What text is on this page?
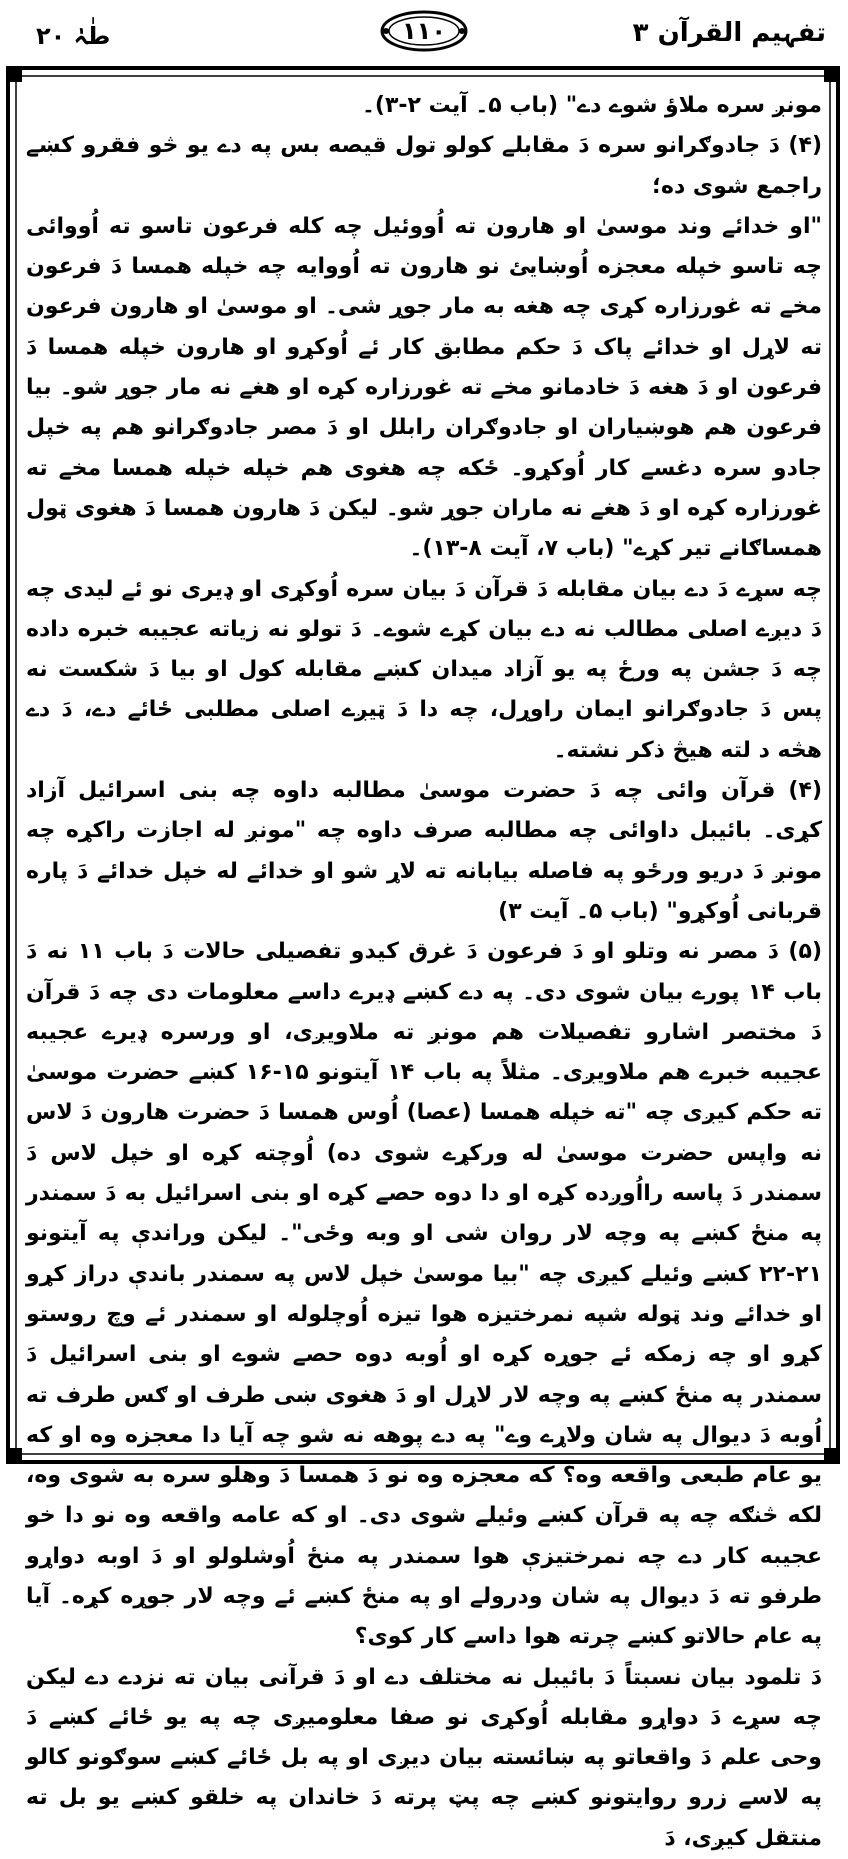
تفہیم القرآن ۳
۱۱۰
طٰہٰ ۲۰

مونږ سره ملاؤ شوے دے" (باب ۵۔ آیت ۲-۳)۔

(۴) دَ جادوګرانو سره دَ مقابلے کولو تول قیصه بس په دے یو څو فقرو کښے راجمع شوی ده؛

"او خدائے وند موسیٰ او هارون ته اُووئیل چه کله فرعون تاسو ته اُووائی چه تاسو خپله معجزه اُوښایئ نو هارون ته اُووایه چه خپله همسا دَ فرعون مخے ته غورزاره کړی چه هغه به مار جوړ شی۔ او موسیٰ او هارون فرعون ته لاړل او خدائے پاک دَ حکم مطابق کار ئے اُوکړو او هارون خپله همسا دَ فرعون او دَ هغه دَ خادمانو مخے ته غورزاره کړه او هغے نه مار جوړ شو۔ بیا فرعون هم هوښیاران او جادوګران رابلل او دَ مصر جادوګرانو هم په خپل جادو سره دغسے کار اُوکړو۔ ځکه چه هغوی هم خپله خپله همسا مخے ته غورزاره کړه او دَ هغے نه ماران جوړ شو۔ لیکن دَ هارون همسا دَ هغوی ټول همساګانے تیر کړے" (باب ۷، آیت ۸-۱۳)۔

چه سړے دَ دے بیان مقابله دَ قرآن دَ بیان سره اُوکړی او ډیری نو ئے لیدی چه دَ دیږے اصلی مطالب نه دے بیان کړے شوے۔ دَ تولو نه زیاته عجیبه خبره داده چه دَ جشن په ورځ په یو آزاد میدان کښے مقابله کول او بیا دَ شکست نه پس دَ جادوګرانو ایمان راوړل، چه دا دَ ټیږے اصلی مطلبی ځائے دے، دَ دے هڅه د لته هیڅ ذکر نشته۔

(۴) قرآن وائی چه دَ حضرت موسیٰ مطالبه داوه چه بنی اسرائیل آزاد کړی۔ بائیبل داوائی چه مطالبه صرف داوه چه "مونږ له اجازت راکړه چه مونږ دَ دریو ورځو په فاصله بیابانه ته لاړ شو او خدائے له خپل خدائے دَ پاره قربانی اُوکړو" (باب ۵۔ آیت ۳)

(۵) دَ مصر نه وتلو او دَ فرعون دَ غرق کیدو تفصیلی حالات دَ باب ۱۱ نه دَ باب ۱۴ پورے بیان شوی دی۔ په دے کښے ډیرے داسے معلومات دی چه دَ قرآن دَ مختصر اشارو تفصیلات هم مونږ ته ملاویږی، او ورسره ډیرے عجیبه عجیبه خبرے هم ملاویږی۔ مثلاً په باب ۱۴ آیتونو ۱۵-۱۶ کښے حضرت موسیٰ ته حکم کیږی چه "ته خپله همسا (عصا) اُوس همسا دَ حضرت هارون دَ لاس نه واپس حضرت موسیٰ له ورکړے شوی ده) اُوچته کړه او خپل لاس دَ سمندر دَ پاسه رااُوږده کړه او دا دوه حصے کړه او بنی اسرائیل به دَ سمندر په منځ کښے په وچه لار روان شی او وبه وځی"۔ لیکن وراندې په آیتونو ۲۱-۲۲ کښے وئیلے کیږی چه "بیا موسیٰ خپل لاس په سمندر باندې دراز کړو او خدائے وند ټوله شپه نمرختیزه هوا تیزه اُوچلوله او سمندر ئے وچ روستو کړو او چه زمکه ئے جوړه کړه او اُوبه دوه حصے شوے او بنی اسرائیل دَ سمندر په منځ کښے په وچه لار لاړل او دَ هغوی ښی طرف او ګس طرف ته اُوبه دَ دیوال په شان ولاړے وے" په دے پوهه نه شو چه آیا دا معجزه وه او که یو عام طبعی واقعه وه؟ که معجزه وه نو دَ همسا دَ وهلو سره به شوی وه، لکه څنګه چه په قرآن کښے وئیلے شوی دی۔ او که عامه واقعه وه نو دا خو عجیبه کار دے چه نمرختیزې هوا سمندر په منځ اُوشلولو او دَ اوبه دواړو طرفو ته دَ دیوال په شان ودرولے او په منځ کښے ئے وچه لار جوړه کړه۔ آیا په عام حالاتو کښے چرته هوا داسے کار کوی؟

دَ تلمود بیان نسبتاً دَ بائیبل نه مختلف دے او دَ قرآنی بیان ته نزدے دے لیکن چه سړے دَ دواړو مقابله اُوکړی نو صفا معلومیږی چه په یو ځائے کښے دَ وحی علم دَ واقعاتو په ښائسته بیان دیږی او په بل ځائے کښے سوګونو کالو په لاسے زرو روایتونو کښے چه پټ پرته دَ خاندان په خلقو کښے یو بل ته منتقل کیږی، دَ
